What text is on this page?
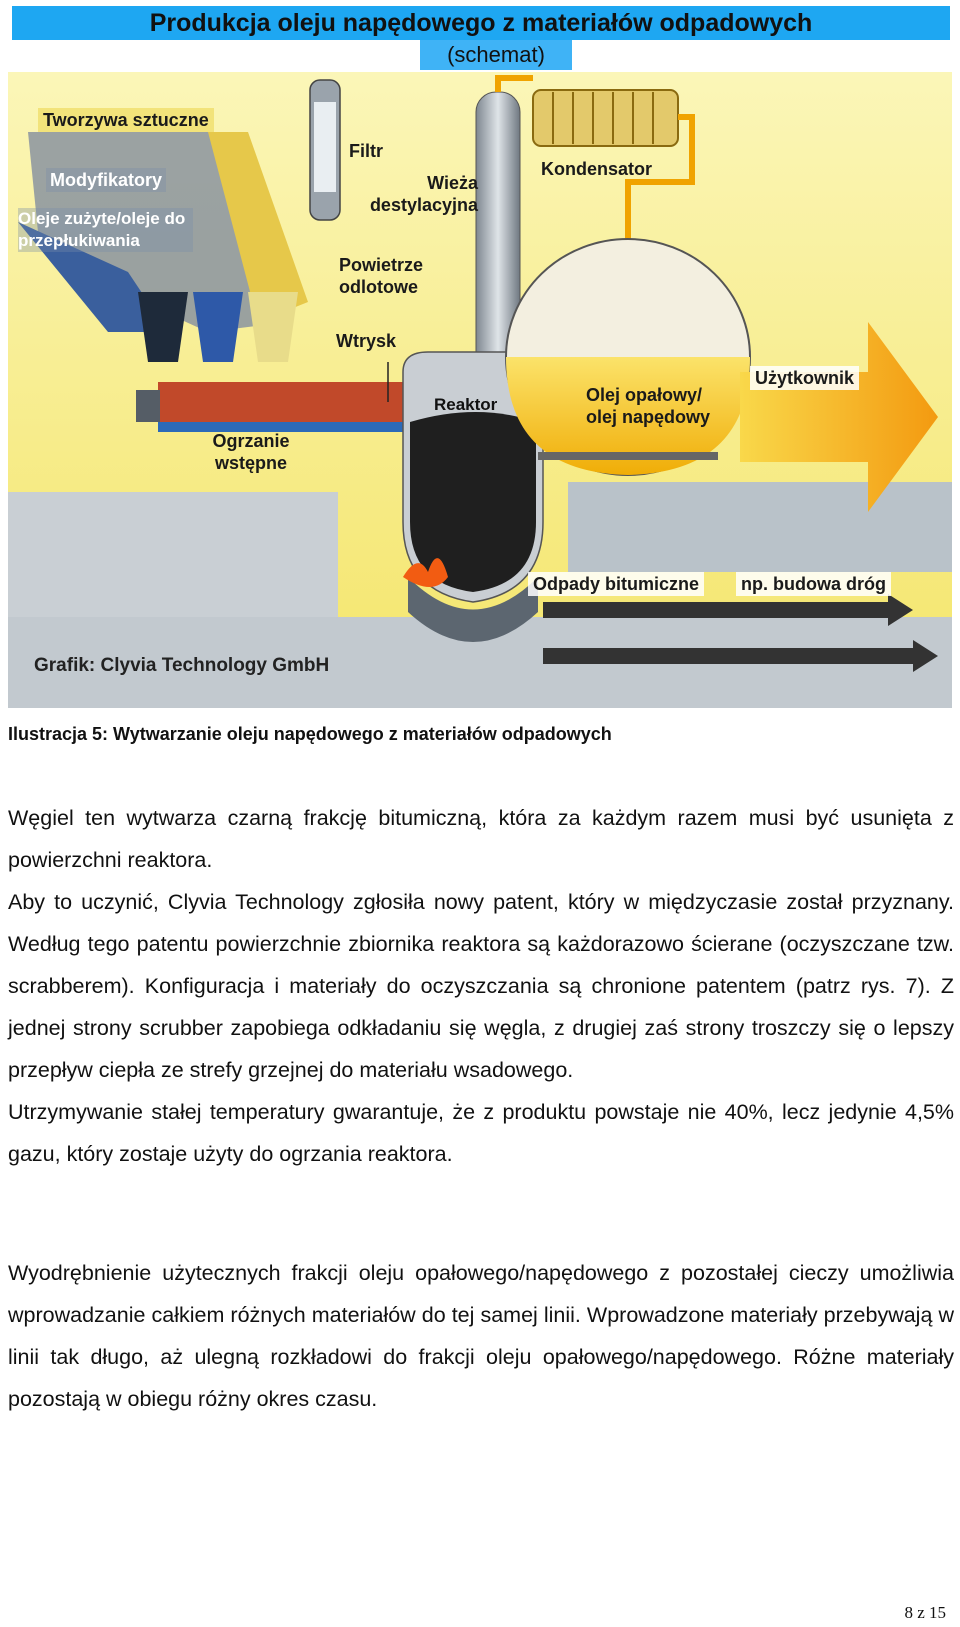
Produkcja oleju napędowego z materiałów odpadowych
(schemat)
Tworzywa sztuczne
Modyfikatory
Oleje zużyte/oleje do przepłukiwania
Filtr
Wieża destylacyjna
Kondensator
Powietrze odlotowe
Wtrysk
Reaktor	Olej opałowy/ olej napędowy
Użytkownik
Ogrzanie wstępne
Odpady bitumiczne np. budowa dróg
Grafik: Clyvia Technology GmbH
Ilustracja 5: Wytwarzanie oleju napędowego z materiałów odpadowych

Węgiel ten wytwarza czarną frakcję bitumiczną, która za każdym razem musi być usunięta z powierzchni reaktora.

Aby to uczynić, Clyvia Technology zgłosiła nowy patent, który w międzyczasie został przyznany. Według tego patentu powierzchnie zbiornika reaktora są każdorazowo ścierane (oczyszczane tzw. scrabberem). Konfiguracja i materiały do oczyszczania są chronione patentem (patrz rys. 7). Z jednej strony scrubber zapobiega odkładaniu się węgla, z drugiej zaś strony troszczy się o lepszy przepływ ciepła ze strefy grzejnej do materiału wsadowego.

Utrzymywanie stałej temperatury gwarantuje, że z produktu powstaje nie 40%, lecz jedynie 4,5% gazu, który zostaje użyty do ogrzania reaktora.

Wyodrębnienie użytecznych frakcji oleju opałowego/napędowego z pozostałej cieczy umożliwia wprowadzanie całkiem różnych materiałów do tej samej linii. Wprowadzone materiały przebywają w linii tak długo, aż ulegną rozkładowi do frakcji oleju opałowego/napędowego. Różne materiały pozostają w obiegu różny okres czasu.

8 z 15
